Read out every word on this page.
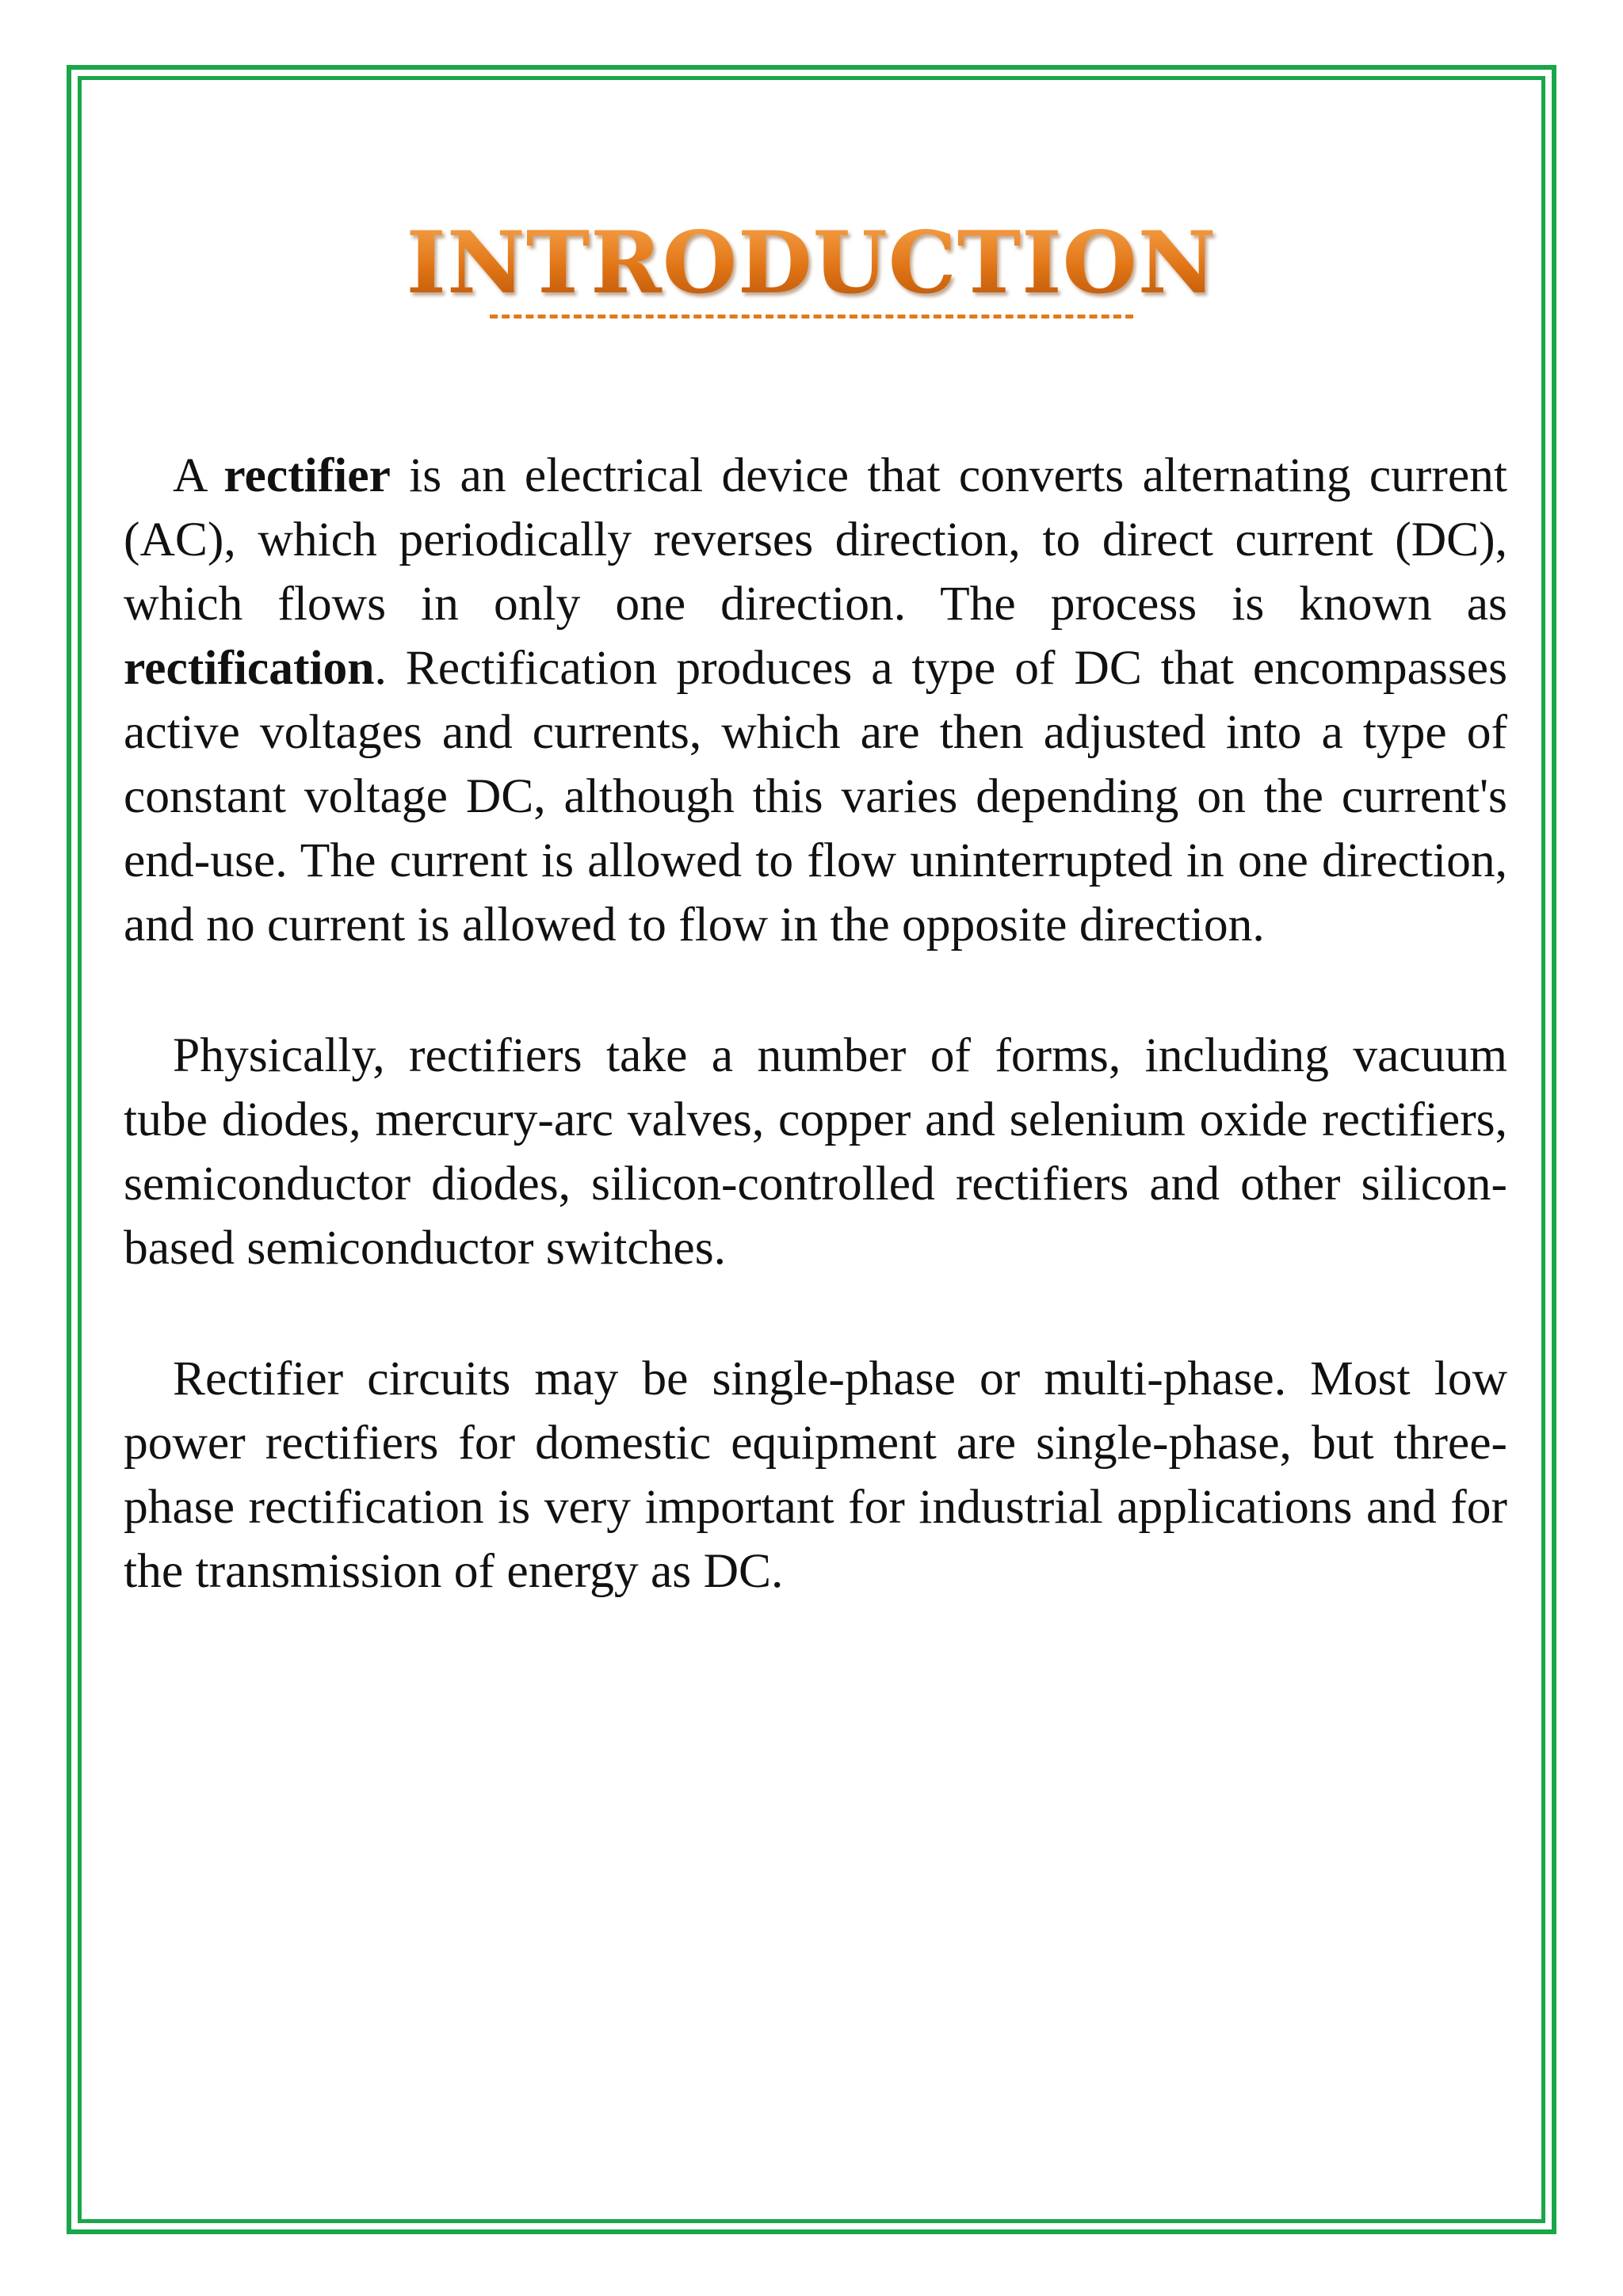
INTRODUCTION

A rectifier is an electrical device that converts alternating current (AC), which periodically reverses direction, to direct current (DC), which flows in only one direction. The process is known as rectification. Rectification produces a type of DC that encompasses active voltages and currents, which are then adjusted into a type of constant voltage DC, although this varies depending on the current's end-use. The current is allowed to flow uninterrupted in one direction, and no current is allowed to flow in the opposite direction.

Physically, rectifiers take a number of forms, including vacuum tube diodes, mercury-arc valves, copper and selenium oxide rectifiers, semiconductor diodes, silicon-controlled rectifiers and other silicon-based semiconductor switches.

Rectifier circuits may be single-phase or multi-phase. Most low power rectifiers for domestic equipment are single-phase, but three-phase rectification is very important for industrial applications and for the transmission of energy as DC.
